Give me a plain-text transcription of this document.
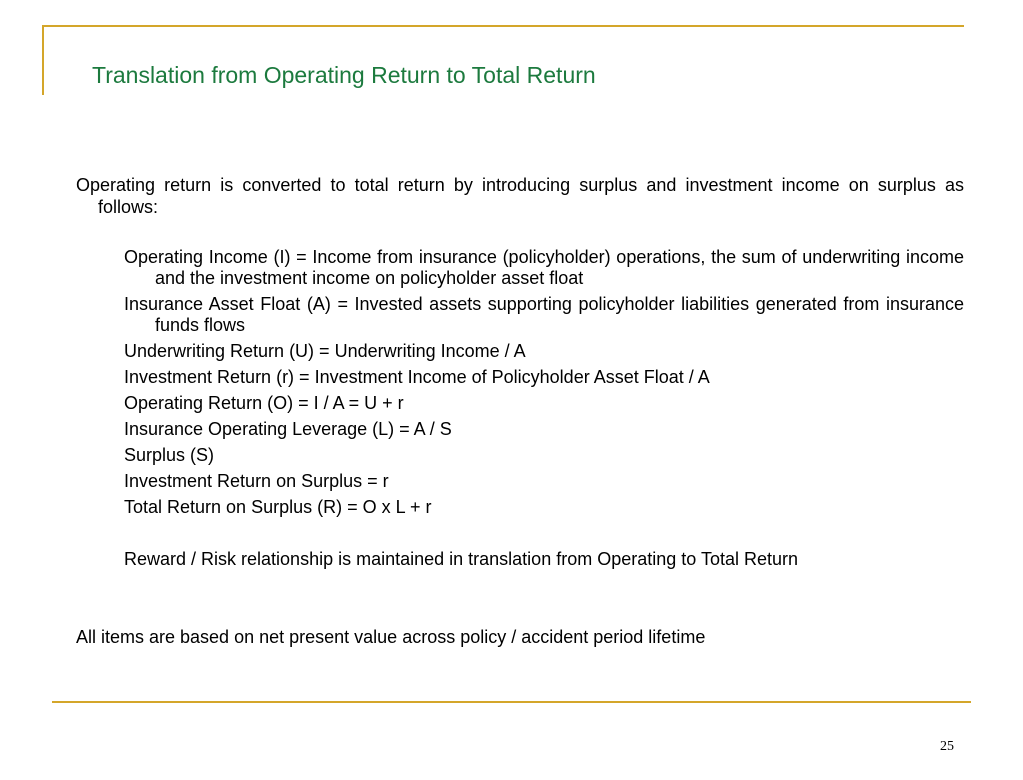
Translation from Operating Return to Total Return
Operating return is converted to total return by introducing surplus and investment income on surplus as follows:
Operating Income (I) = Income from insurance (policyholder) operations, the sum of underwriting income and the investment income on policyholder asset float
Insurance Asset Float (A) = Invested assets supporting policyholder liabilities generated from insurance funds flows
Underwriting Return (U) = Underwriting Income / A
Investment Return (r) = Investment Income of Policyholder Asset Float / A
Operating Return (O) = I / A = U + r
Insurance Operating Leverage (L) = A / S
Surplus (S)
Investment Return on Surplus = r
Total Return on Surplus (R) = O x L + r
Reward / Risk relationship is maintained in translation from Operating to Total Return
All items are based on net present value across policy / accident period lifetime
25
